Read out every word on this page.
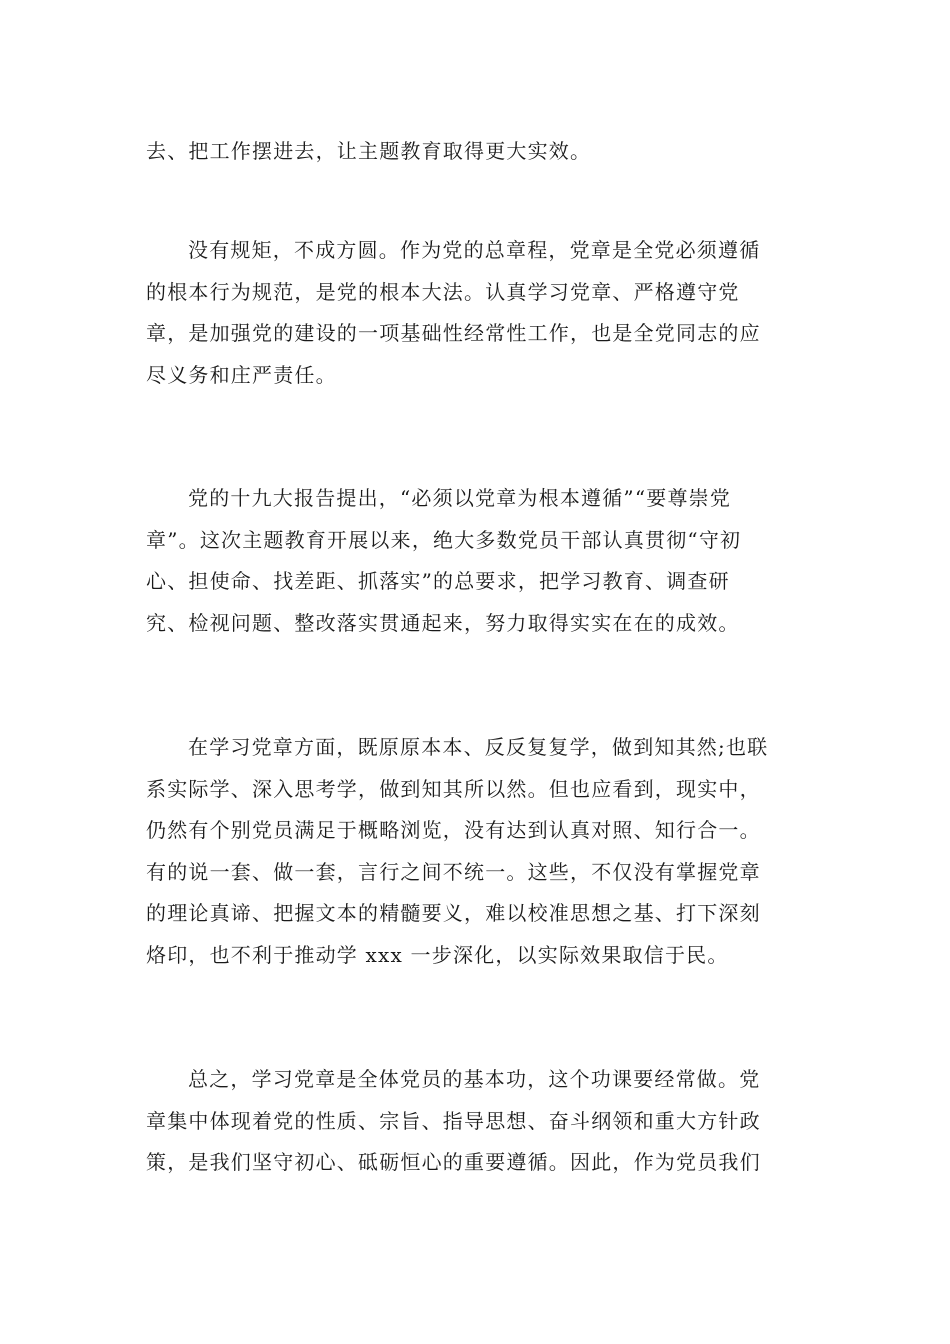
去、把工作摆进去，让主题教育取得更大实效。
没有规矩，不成方圆。作为党的总章程，党章是全党必须遵循
的根本行为规范，是党的根本大法。认真学习党章、严格遵守党
章，是加强党的建设的一项基础性经常性工作，也是全党同志的应
尽义务和庄严责任。
党的十九大报告提出，“必须以党章为根本遵循”“要尊崇党
章”。这次主题教育开展以来，绝大多数党员干部认真贯彻“守初
心、担使命、找差距、抓落实”的总要求，把学习教育、调查研
究、检视问题、整改落实贯通起来，努力取得实实在在的成效。
在学习党章方面，既原原本本、反反复复学，做到知其然;也联
系实际学、深入思考学，做到知其所以然。但也应看到，现实中，
仍然有个别党员满足于概略浏览，没有达到认真对照、知行合一。
有的说一套、做一套，言行之间不统一。这些，不仅没有掌握党章
的理论真谛、把握文本的精髓要义，难以校准思想之基、打下深刻
烙印，也不利于推动学 xxx 一步深化，以实际效果取信于民。
总之，学习党章是全体党员的基本功，这个功课要经常做。党
章集中体现着党的性质、宗旨、指导思想、奋斗纲领和重大方针政
策，是我们坚守初心、砥砺恒心的重要遵循。因此，作为党员我们
